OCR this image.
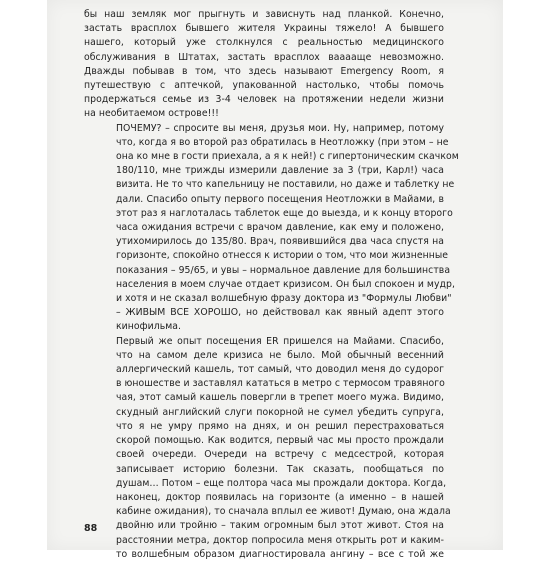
бы наш земляк мог прыгнуть и зависнуть над планкой. Конечно,
застать врасплох бывшего жителя Украины тяжело! А бывшего
нашего, который уже столкнулся с реальностью медицинского
обслуживания в Штатах, застать врасплох вааааще невозможно.
Дважды побывав в том, что здесь называют Emergency Room, я
путешествую с аптечкой, упакованной настолько, чтобы помочь
продержаться семье из 3-4 человек на протяжении недели жизни
на необитаемом острове!!!

ПОЧЕМУ? – спросите вы меня, друзья мои. Ну, например, потому
что, когда я во второй раз обратилась в Неотложку (при этом – не
она ко мне в гости приехала, а я к ней!) с гипертоническим скачком
180/110, мне трижды измерили давление за 3 (три, Карл!) часа
визита. Не то что капельницу не поставили, но даже и таблетку не
дали. Спасибо опыту первого посещения Неотложки в Майами, в
этот раз я наглоталась таблеток еще до выезда, и к концу второго
часа ожидания встречи с врачом давление, как ему и положено,
утихомирилось до 135/80. Врач, появившийся два часа спустя на
горизонте, спокойно отнесся к истории о том, что мои жизненные
показания – 95/65, и увы – нормальное давление для большинства
населения в моем случае отдает кризисом. Он был спокоен и мудр,
и хотя и не сказал волшебную фразу доктора из "Формулы Любви"
– ЖИВЫМ ВСЕ ХОРОШО, но действовал как явный адепт этого
кинофильма.

Первый же опыт посещения ER пришелся на Майами. Спасибо,
что на самом деле кризиса не было. Мой обычный весенний
аллергический кашель, тот самый, что доводил меня до судорог
в юношестве и заставлял кататься в метро с термосом травяного
чая, этот самый кашель повергли в трепет моего мужа. Видимо,
скудный английский слуги покорной не сумел убедить супруга,
что я не умру прямо на днях, и он решил перестраховаться
скорой помощью. Как водится, первый час мы просто прождали
своей очереди. Очереди на встречу с медсестрой, которая
записывает историю болезни. Так сказать, пообщаться по
душам… Потом – еще полтора часа мы прождали доктора. Когда,
наконец, доктор появилась на горизонте (а именно – в нашей
кабине ожидания), то сначала вплыл ее живот! Думаю, она ждала
двойню или тройню – таким огромным был этот живот. Стоя на
расстоянии метра, доктор попросила меня открыть рот и каким-
то волшебным образом диагностировала ангину – все с той же

88
